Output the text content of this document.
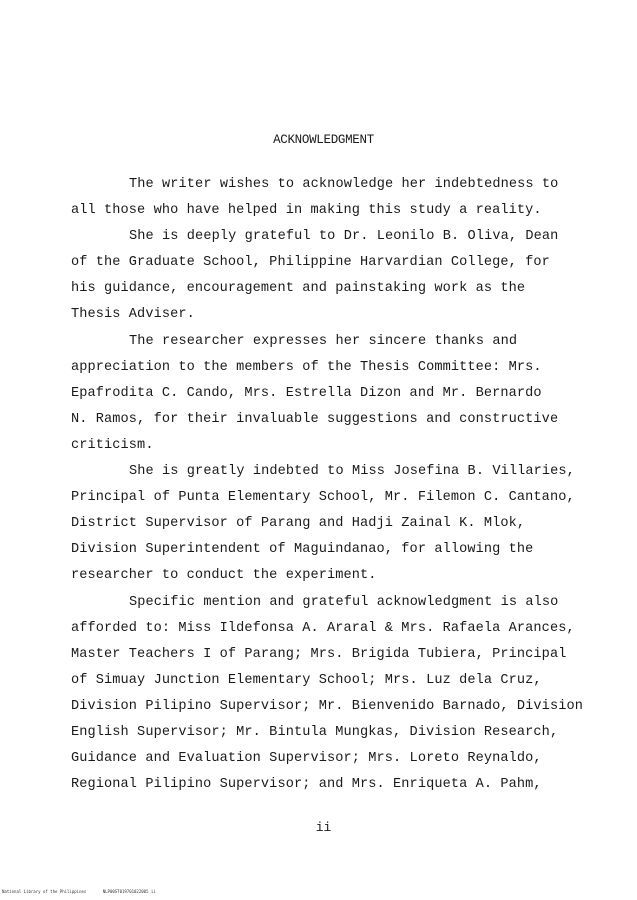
ACKNOWLEDGMENT
The writer wishes to acknowledge her indebtedness to
all those who have helped in making this study a reality.
She is deeply grateful to Dr. Leonilo B. Oliva, Dean
of the Graduate School, Philippine Harvardian College, for
his guidance, encouragement and painstaking work as the
Thesis Adviser.
The researcher expresses her sincere thanks and
appreciation to the members of the Thesis Committee: Mrs.
Epafrodita C. Cando, Mrs. Estrella Dizon and Mr. Bernardo
N. Ramos, for their invaluable suggestions and constructive
criticism.
She is greatly indebted to Miss Josefina B. Villaries,
Principal of Punta Elementary School, Mr. Filemon C. Cantano,
District Supervisor of Parang and Hadji Zainal K. Mlok,
Division Superintendent of Maguindanao, for allowing the
researcher to conduct the experiment.
Specific mention and grateful acknowledgment is also
afforded to: Miss Ildefonsa A. Araral & Mrs. Rafaela Arances,
Master Teachers I of Parang; Mrs. Brigida Tubiera, Principal
of Simuay Junction Elementary School; Mrs. Luz dela Cruz,
Division Pilipino Supervisor; Mr. Bienvenido Barnado, Division
English Supervisor; Mr. Bintula Mungkas, Division Research,
Guidance and Evaluation Supervisor; Mrs. Loreto Reynaldo,
Regional Pilipino Supervisor; and Mrs. Enriqueta A. Pahm,
ii
National Library of the Philippines	NLP00ST019701022005 ii
